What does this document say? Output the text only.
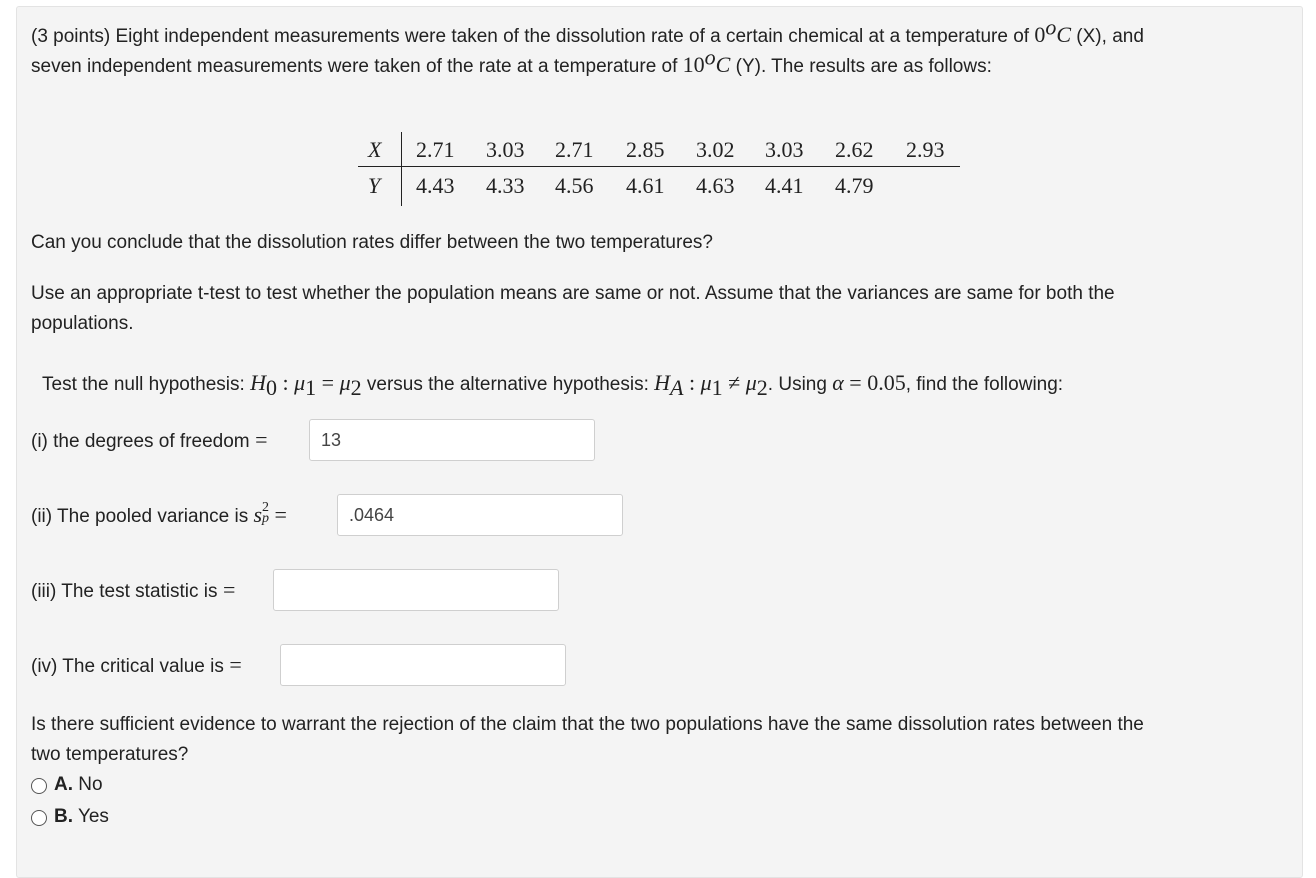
(3 points) Eight independent measurements were taken of the dissolution rate of a certain chemical at a temperature of 0$^o$C (X), and
seven independent measurements were taken of the rate at a temperature of 10$^o$C (Y). The results are as follows:
X
Y
2.71 3.03 2.71 2.85 3.02 3.03 2.62 2.93
4.43 4.33 4.56 4.61 4.63 4.41 4.79
Can you conclude that the dissolution rates differ between the two temperatures?
Use an appropriate t-test to test whether the population means are same or not. Assume that the variances are same for both the
populations.
Test the null hypothesis: $H_0$ : $\mu_1 = \mu_2$ versus the alternative hypothesis: $H_A$ : $\mu_1 \ne \mu_2$. Using α = 0.05, find the following:
(i) the degrees of freedom =	13
(ii) The pooled variance is s 2
p =	.0464
(iii) The test statistic is =
(iv) The critical value is =
Is there sufficient evidence to warrant the rejection of the claim that the two populations have the same dissolution rates between the
two temperatures?
A. No
B. Yes
